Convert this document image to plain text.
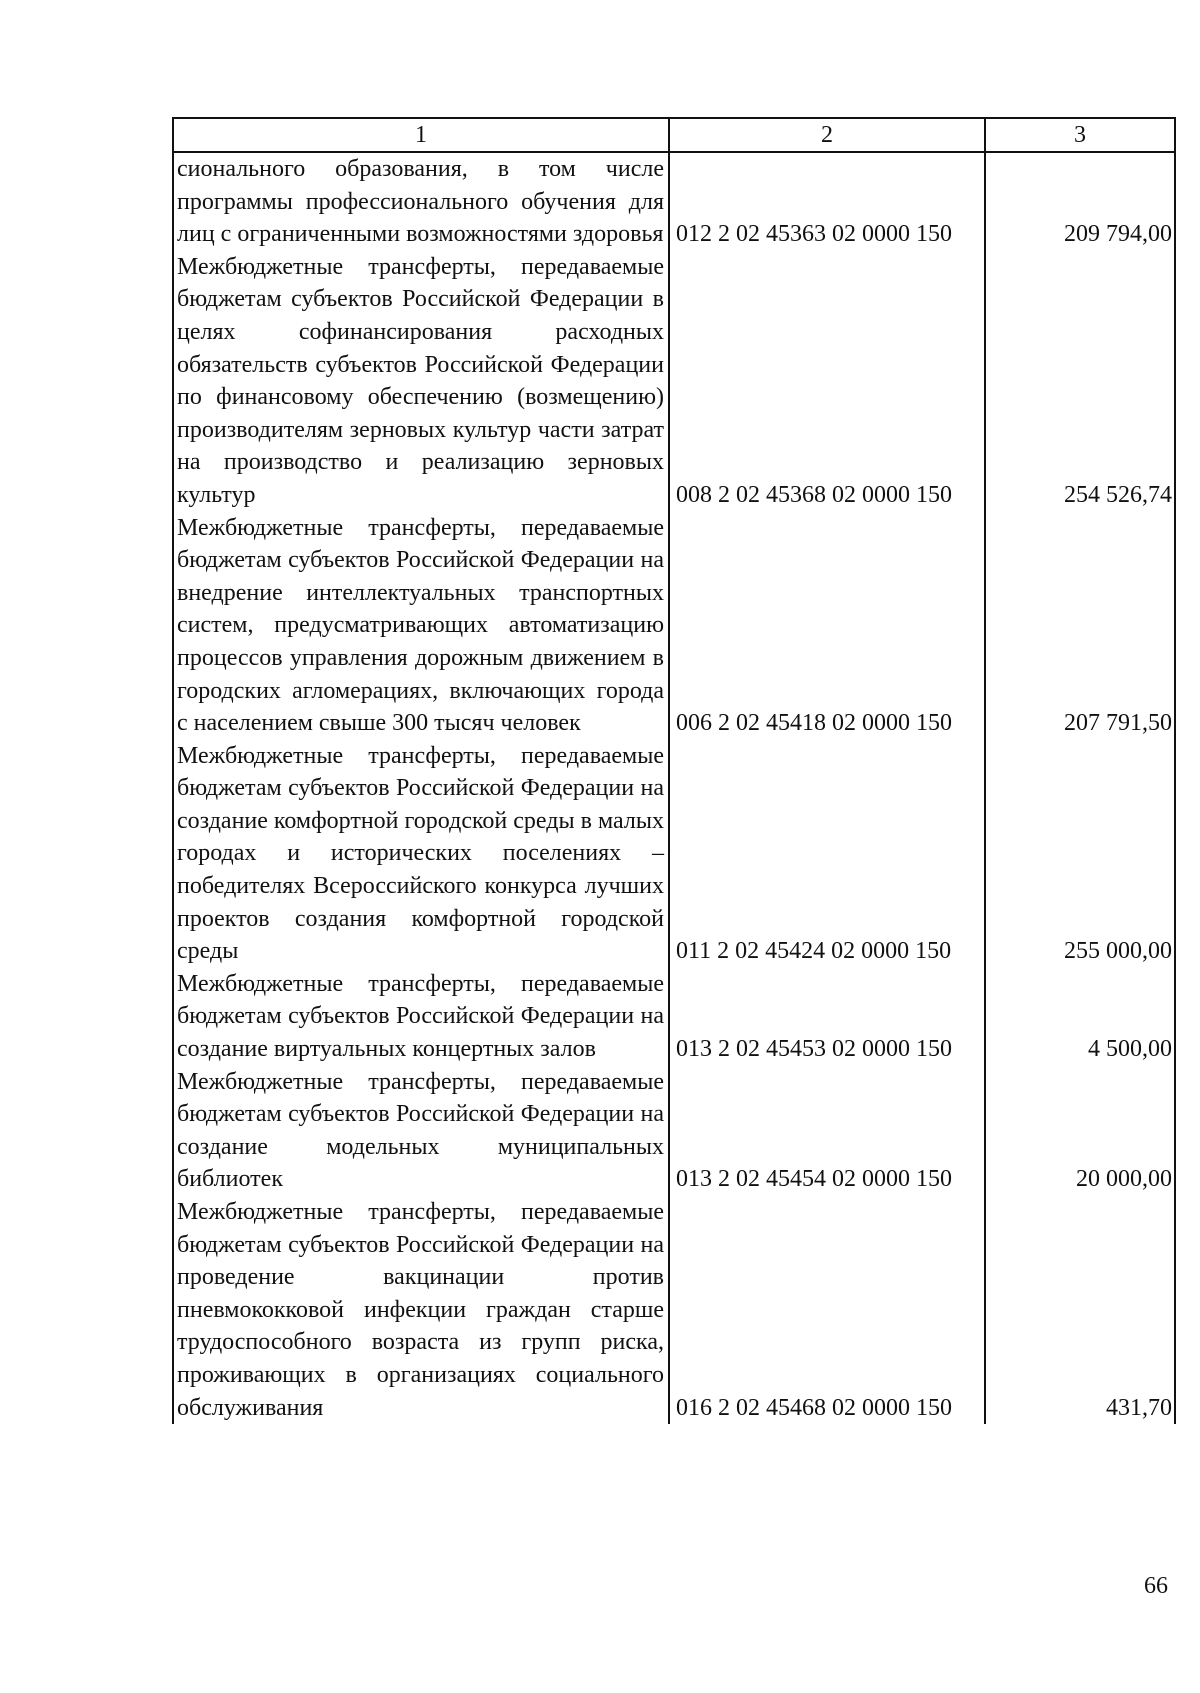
1	2	3
сионального образования, в том числе программы профессионального обучения для лиц с ограниченными возможностями здоровья	012 2 02 45363 02 0000 150	209 794,00
Межбюджетные трансферты, передаваемые бюджетам субъектов Российской Федерации в целях софинансирования расходных обязательств субъектов Российской Федерации по финансовому обеспечению (возмещению) производителям зерновых культур части затрат на производство и реализацию зерновых культур	008 2 02 45368 02 0000 150	254 526,74
Межбюджетные трансферты, передаваемые бюджетам субъектов Российской Федерации на внедрение интеллектуальных транспортных систем, предусматривающих автоматизацию процессов управления дорожным движением в городских агломерациях, включающих города с населением свыше 300 тысяч человек	006 2 02 45418 02 0000 150	207 791,50
Межбюджетные трансферты, передаваемые бюджетам субъектов Российской Федерации на создание комфортной городской среды в малых городах и исторических поселениях – победителях Всероссийского конкурса лучших проектов создания комфортной городской среды	011 2 02 45424 02 0000 150	255 000,00
Межбюджетные трансферты, передаваемые бюджетам субъектов Российской Федерации на создание виртуальных концертных залов	013 2 02 45453 02 0000 150	4 500,00
Межбюджетные трансферты, передаваемые бюджетам субъектов Российской Федерации на создание модельных муниципальных библиотек	013 2 02 45454 02 0000 150	20 000,00
Межбюджетные трансферты, передаваемые бюджетам субъектов Российской Федерации на проведение вакцинации против пневмококковой инфекции граждан старше трудоспособного возраста из групп риска, проживающих в организациях социального обслуживания	016 2 02 45468 02 0000 150	431,70
66
